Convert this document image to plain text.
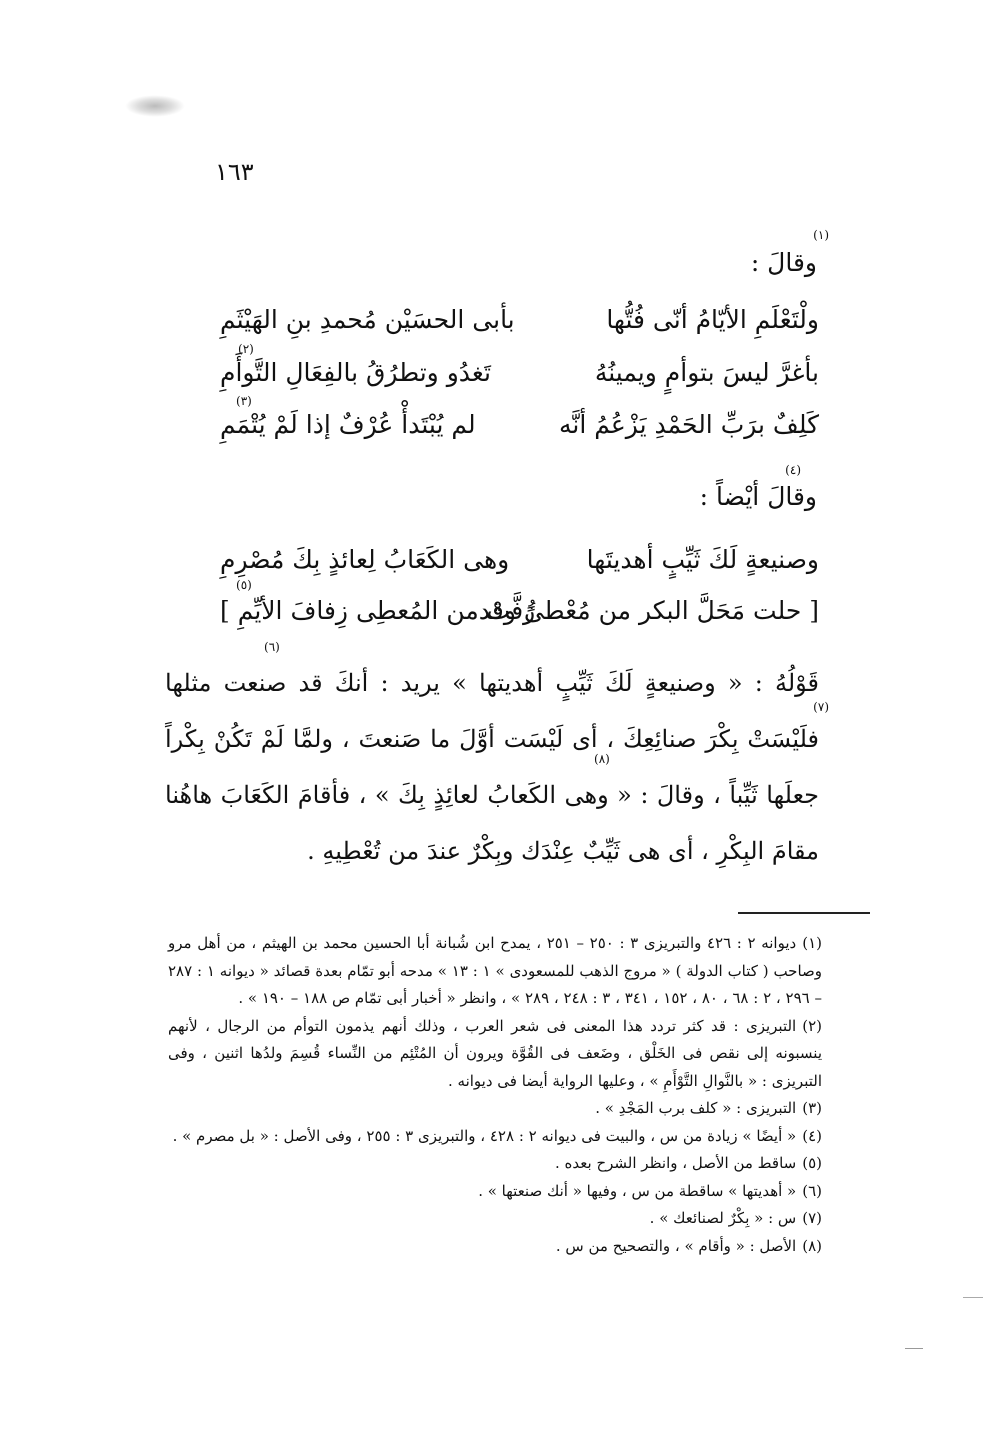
١٦٣
(١)
وقالَ :
ولْتَعْلَمِ الأيّامُ أنّى فُتُّها
بأبى الحسَيْن مُحمدِ بنِ الهَيْثَمِ
(٢)
بأغرَّ ليسَ بتوأمٍ ويمينُهُ
تَغدُو وتطرُقُ بالفِعَالِ التَّوأَمِ
(٣)
كَلِفٌ برَبِّ الحَمْدِ يَزْعُمُ أنَّه
لم يُبْتَدأْ عُرْفٌ إذا لَمْ يُتْمَمِ
(٤)
وقالَ أيْضاً :
وصنيعةٍ لَكَ ثَيِّبٍ أهديتَها
وهى الكَعَابُ لِعائذٍ بِكَ مُصْرِمِ
(٥)
[ حلت مَحَلَّ البكر من مُعْطىً وقد
زُفَّتْ من المُعطِى زِفافَ الأيِّمِ ]
(٦)
(٧)
(٨)

قَوْلُهُ : « وصنيعةٍ لَكَ ثَيِّبٍ أهديتها » يريد : أنكَ قد صنعت مثلها فلَيْسَتْ بِكْرَ صنائِعِكَ ، أى لَيْسَت أوَّلَ ما صَنعتَ ، ولمَّا لَمْ تَكُنْ بِكْراً جعلَها ثَيِّباً ، وقالَ : « وهى الكَعابُ لعائِذٍ بِكَ » ، فأقامَ الكَعَابَ هاهُنا مقامَ البِكْرِ ، أى هى ثَيِّبٌ عِنْدَك وبِكْرٌ عندَ من تُعْطِيهِ .

(١)ديوانه ٢ : ٤٢٦ والتبريزى ٣ : ٢٥٠ – ٢٥١ ، يمدح ابن شُبانة أبا الحسين محمد بن الهيثم ، من أهل مرو وصاحب ( كتاب الدولة ) « مروج الذهب للمسعودى » ١ : ١٣ » مدحه أبو تمّام بعدة قصائد « ديوانه ١ : ٢٨٧ – ٢٩٦ ، ٢ : ٦٨ ، ٨٠ ، ١٥٢ ، ٣٤١ ، ٣ : ٢٤٨ ، ٢٨٩ » ، وانظر « أخبار أبى تمّام ص ١٨٨ – ١٩٠ » .

(٢)التبريزى : قد كثر تردد هذا المعنى فى شعر العرب ، وذلك أنهم يذمون التوأم من الرجال ، لأنهم ينسبونه إلى نقص فى الخَلْق ، وضَعف فى القُوَّة ويرون أن المُتْئِم من النِّساء قُسِمَ ولدُها اثنين ، وفى التبريزى : « بالنَّوالِ التَّوْأَمِ » ، وعليها الرواية أيضا فى ديوانه .

(٣)التبريزى : « كلف برب المَجْدِ » .

(٤)« أيضًا » زيادة من س ، والبيت فى ديوانه ٢ : ٤٢٨ ، والتبريزى ٣ : ٢٥٥ ، وفى الأصل : « بل مصرم » .

(٥)ساقط من الأصل ، وانظر الشرح بعده .

(٦)« أهديتها » ساقطة من س ، وفيها « أنك صنعتها » .

(٧)س : « بِكْرٌ لصنائعك » .

(٨)الأصل : « وأقام » ، والتصحيح من س .
